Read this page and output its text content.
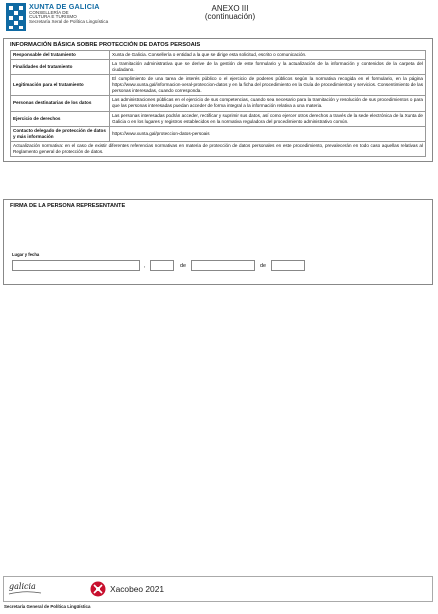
XUNTA DE GALICIA
CONSELLERÍA DE
CULTURA E TURISMO
Secretaría Xeral de Política Lingüística
ANEXO III
(continuación)
INFORMACIÓN BÁSICA SOBRE PROTECCIÓN DE DATOS PERSOAIS
Responsable del tratamiento	Xunta de Galicia. Consellería o entidad a la que se dirige esta solicitud, escrito o comunicación.
Finalidades del tratamiento	La tramitación administrativa que se derive de la gestión de este formulario y la actualización de la información y contenidos de la carpeta del ciudadano.
Legitimación para el tratamiento	El cumplimiento de una tarea de interés público o el ejercicio de poderes públicos según la normativa recogida en el formulario, en la página https://www.xunta.gal/informacion-xeral-proteccion-datos y en la ficha del procedimiento en la Guía de procedimientos y servicios. Consentimiento de las personas interesadas, cuando corresponda.
Personas destinatarias de los datos	Las administraciones públicas en el ejercicio de sus competencias, cuando sea necesario para la tramitación y resolución de sus procedimientos o para que las personas interesadas puedan acceder de forma integral a la información relativa a una materia.
Ejercicio de derechos	Las personas interesadas podrán acceder, rectificar y suprimir sus datos, así como ejercer otros derechos a través de la sede electrónica de la Xunta de Galicia o en los lugares y registros establecidos en la normativa reguladora del procedimiento administrativo común.
Contacto delegado de protección de datos y más información	https://www.xunta.gal/proteccion-datos-persoais
Actualización normativa: en el caso de existir diferentes referencias normativas en materia de protección de datos personales en este procedimiento, prevalecerán en todo caso aquellas relativas al Reglamento general de protección de datos.	
FIRMA DE LA PERSONA REPRESENTANTE
Lugar y fecha
,	de	de
galicia	Xacobeo 2021
Secretaría General de Política Lingüística
